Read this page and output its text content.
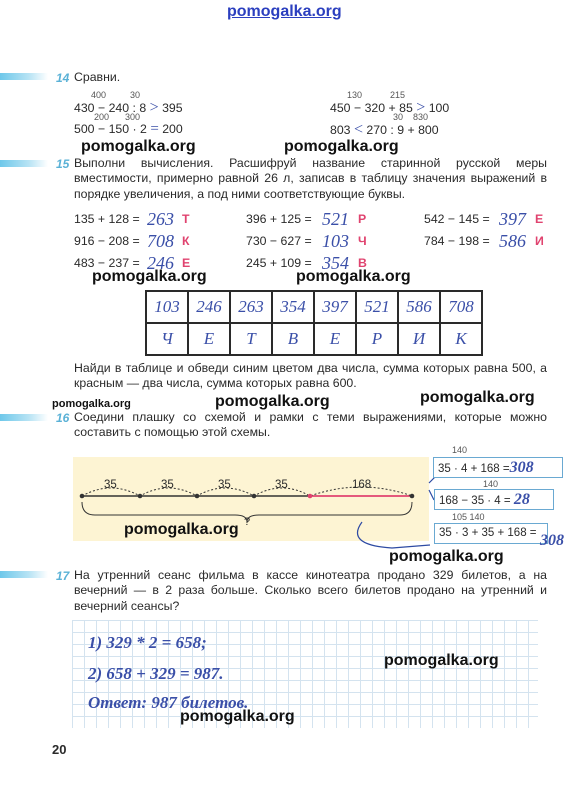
pomogalka.org
14 Сравни.
400	30
430 − 240 : 8 > 395
200 300
500 − 150 · 2 = 200
130	215
450 − 320 + 85 > 100
30 830
803 < 270 : 9 + 800
pomogalka.org	pomogalka.org
15 Выполни вычисления. Расшифруй название старинной русской меры вместимости, примерно равной 26 л, записав в таблицу значения выражений в порядке увеличения, а под ними соответствующие буквы.
135 + 128 = 263 Т	396 + 125 = 521 Р	542 − 145 = 397 Е
916 − 208 = 708 К	730 − 627 = 103 Ч	784 − 198 = 586 И
483 − 237 = 246 Е	245 + 109 = 354 В
pomogalka.org	pomogalka.org
103	246	263	354	397	521	586	708
Ч	Е	Т	В	Е	Р	И	К
Найди в таблице и обведи синим цветом два числа, сумма которых равна 500, а красным — два числа, сумма которых равна 600.
pomogalka.org	pomogalka.org	pomogalka.org
16 Соедини плашку со схемой и рамки с теми выражениями, которые можно составить с помощью этой схемы.
35	35	35	35	168
?
pomogalka.org
140
35 · 4 + 168 =308
140
168 − 35 · 4 = 28
105 140
35 · 3 + 35 + 168 = 308
pomogalka.org
17 На утренний сеанс фильма в кассе кинотеатра продано 329 билетов, а на вечерний — в 2 раза больше. Сколько всего билетов продано на утренний и вечерний сеансы?
1) 329 * 2 = 658;
2) 658 + 329 = 987.
Ответ: 987 билетов.
pomogalka.org
pomogalka.org
20
